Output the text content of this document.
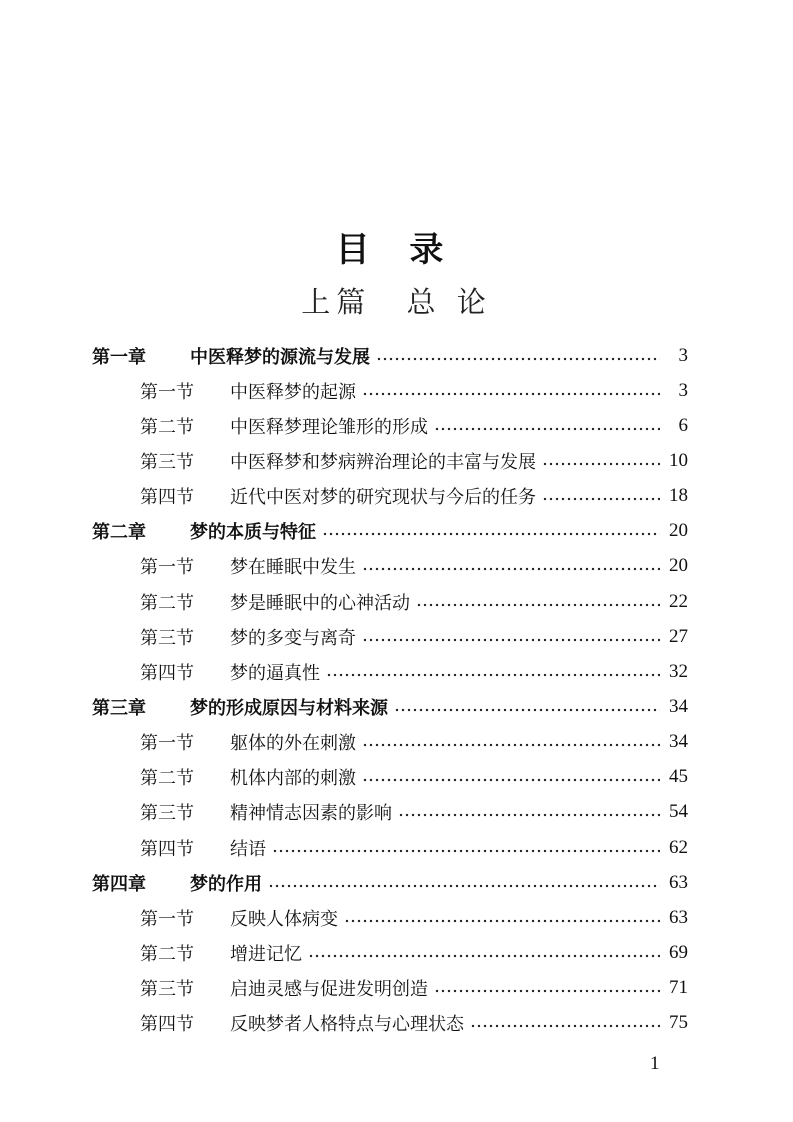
目 录
上篇 总 论
第一章	中医释梦的源流与发展	3
第一节	中医释梦的起源	3
第二节	中医释梦理论雏形的形成	6
第三节	中医释梦和梦病辨治理论的丰富与发展	10
第四节	近代中医对梦的研究现状与今后的任务	18
第二章	梦的本质与特征	20
第一节	梦在睡眠中发生	20
第二节	梦是睡眠中的心神活动	22
第三节	梦的多变与离奇	27
第四节	梦的逼真性	32
第三章	梦的形成原因与材料来源	34
第一节	躯体的外在刺激	34
第二节	机体内部的刺激	45
第三节	精神情志因素的影响	54
第四节	结语	62
第四章	梦的作用	63
第一节	反映人体病变	63
第二节	增进记忆	69
第三节	启迪灵感与促进发明创造	71
第四节	反映梦者人格特点与心理状态	75
1
